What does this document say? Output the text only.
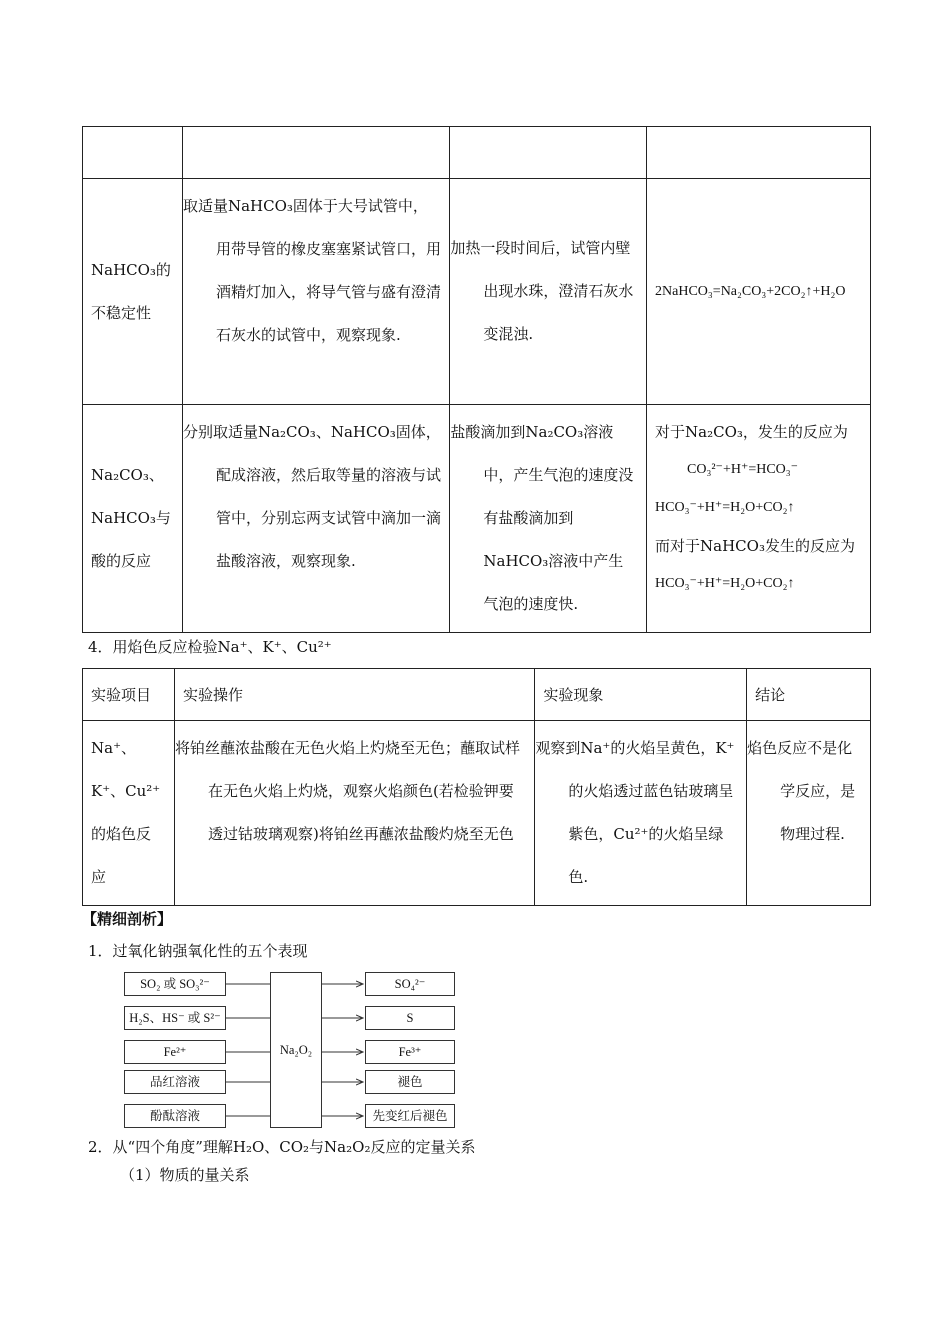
NaHCO₃的不稳定性	取适量NaHCO₃固体于大号试管中，用带导管的橡皮塞塞紧试管口，用酒精灯加入，将导气管与盛有澄清石灰水的试管中，观察现象.	加热一段时间后，试管内壁出现水珠，澄清石灰水变混浊.	2NaHCO₃=Na₂CO₃+2CO₂↑+H₂O

Na₂CO₃、NaHCO₃与酸的反应	分别取适量Na₂CO₃、NaHCO₃固体，配成溶液，然后取等量的溶液与试管中，分别忘两支试管中滴加一滴盐酸溶液，观察现象.	盐酸滴加到Na₂CO₃溶液中，产生气泡的速度没有盐酸滴加到NaHCO₃溶液中产生气泡的速度快.	对于Na₂CO₃，发生的反应为
CO₃²⁻+H⁺=HCO₃⁻
HCO₃⁻+H⁺=H₂O+CO₂↑
而对于NaHCO₃发生的反应为
HCO₃⁻+H⁺=H₂O+CO₂↑
4．用焰色反应检验Na⁺、K⁺、Cu²⁺
实验项目	实验操作	实验现象	结论

Na⁺、K⁺、Cu²⁺的焰色反应	将铂丝蘸浓盐酸在无色火焰上灼烧至无色；蘸取试样在无色火焰上灼烧，观察火焰颜色(若检验钾要透过钴玻璃观察)将铂丝再蘸浓盐酸灼烧至无色	观察到Na⁺的火焰呈黄色，K⁺的火焰透过蓝色钴玻璃呈紫色，Cu²⁺的火焰呈绿色.	焰色反应不是化学反应，是物理过程.
【精细剖析】
1．过氧化钠强氧化性的五个表现
SO₂ 或 SO₃²⁻
H₂S、HS⁻ 或 S²⁻
Fe²⁺
品红溶液
酚酞溶液
Na₂O₂
SO₄²⁻
S
Fe³⁺
褪色
先变红后褪色
2．从“四个角度”理解H₂O、CO₂与Na₂O₂反应的定量关系
（1）物质的量关系
